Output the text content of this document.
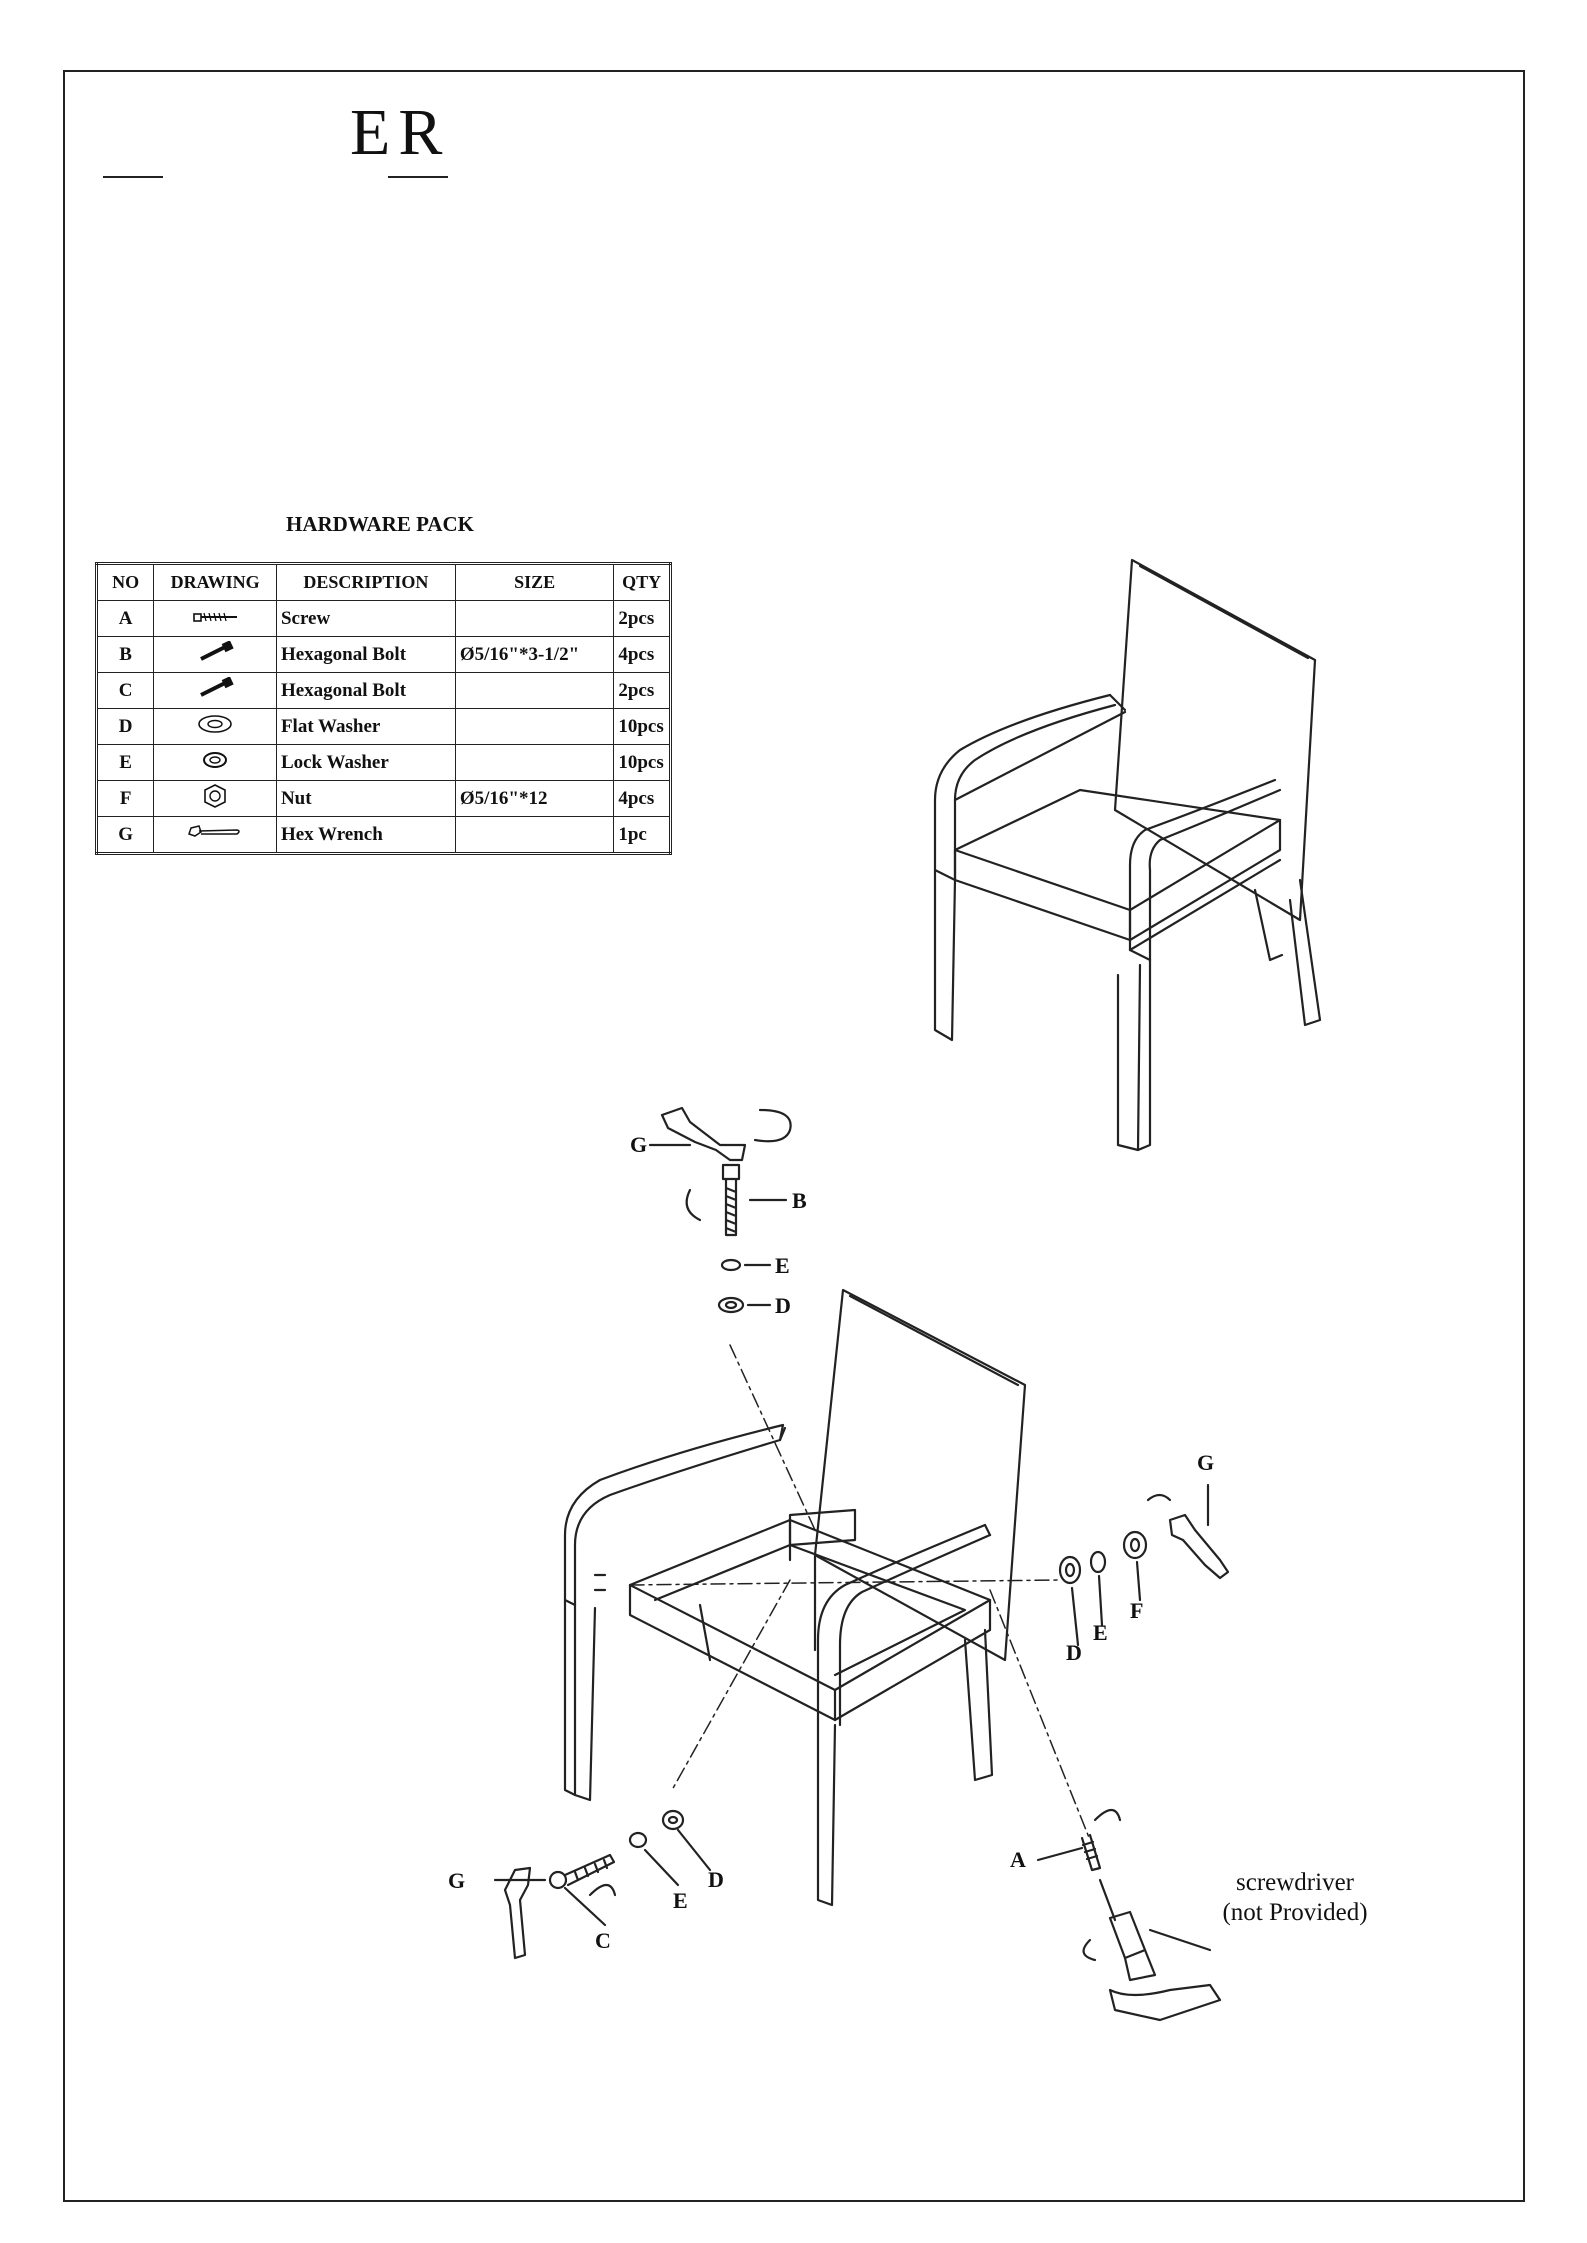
ER
HARDWARE PACK
NO	DRAWING	DESCRIPTION	SIZE	QTY
A		Screw		2pcs
B		Hexagonal Bolt	Ø5/16"*3-1/2"	4pcs
C		Hexagonal Bolt		2pcs
D		Flat Washer		10pcs
E		Lock Washer		10pcs
F		Nut	Ø5/16"*12	4pcs
G		Hex Wrench		1pc
G
B
E
D
G
D
E
F
G
C
E
D
A
screwdriver
(not Provided)
